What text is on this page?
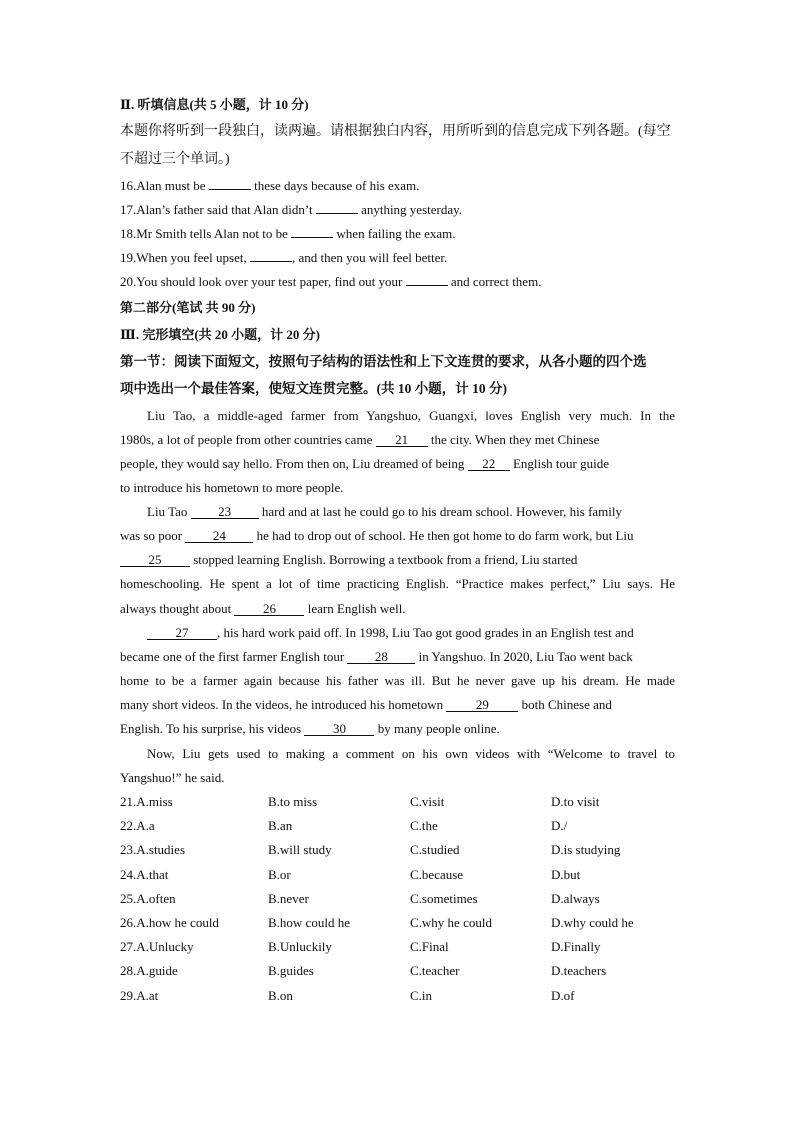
Ⅱ. 听填信息(共 5 小题，计 10 分)
本题你将听到一段独白，读两遍。请根据独白内容，用所听到的信息完成下列各题。(每空
不超过三个单词。)
16.Alan must be	these days because of his exam.
17.Alan’s father said that Alan didn’t	anything yesterday.
18.Mr Smith tells Alan not to be	when failing the exam.
19.When you feel upset,	, and then you will feel better.
20.You should look over your test paper, find out your	and correct them.
第二部分(笔试 共 90 分)
Ⅲ. 完形填空(共 20 小题，计 20 分)
第一节：阅读下面短文，按照句子结构的语法性和上下文连贯的要求，从各小题的四个选
项中选出一个最佳答案，使短文连贯完整。(共 10 小题，计 10 分)
Liu Tao, a middle-aged farmer from Yangshuo, Guangxi, loves English very much. In the
1980s, a lot of people from other countries came 21 the city. When they met Chinese
people, they would say hello. From then on, Liu dreamed of being 22 English tour guide
to introduce his hometown to more people.
Liu Tao 23 hard and at last he could go to his dream school. However, his family
was so poor 24 he had to drop out of school. He then got home to do farm work, but Liu
25 stopped learning English. Borrowing a textbook from a friend, Liu started
homeschooling. He spent a lot of time practicing English. “Practice makes perfect,” Liu says. He
always thought about 26 learn English well.
27 , his hard work paid off. In 1998, Liu Tao got good grades in an English test and
became one of the first farmer English tour 28 in Yangshuo. In 2020, Liu Tao went back
home to be a farmer again because his father was ill. But he never gave up his dream. He made
many short videos. In the videos, he introduced his hometown 29 both Chinese and
English. To his surprise, his videos 30 by many people online.
Now, Liu gets used to making a comment on his own videos with “Welcome to travel to
Yangshuo!” he said.
21.A.miss	B.to miss	C.visit	D.to visit
22.A.a	B.an	C.the	D./
23.A.studies	B.will study	C.studied	D.is studying
24.A.that	B.or	C.because	D.but
25.A.often	B.never	C.sometimes	D.always
26.A.how he could	B.how could he	C.why he could	D.why could he
27.A.Unlucky	B.Unluckily	C.Final	D.Finally
28.A.guide	B.guides	C.teacher	D.teachers
29.A.at	B.on	C.in	D.of
